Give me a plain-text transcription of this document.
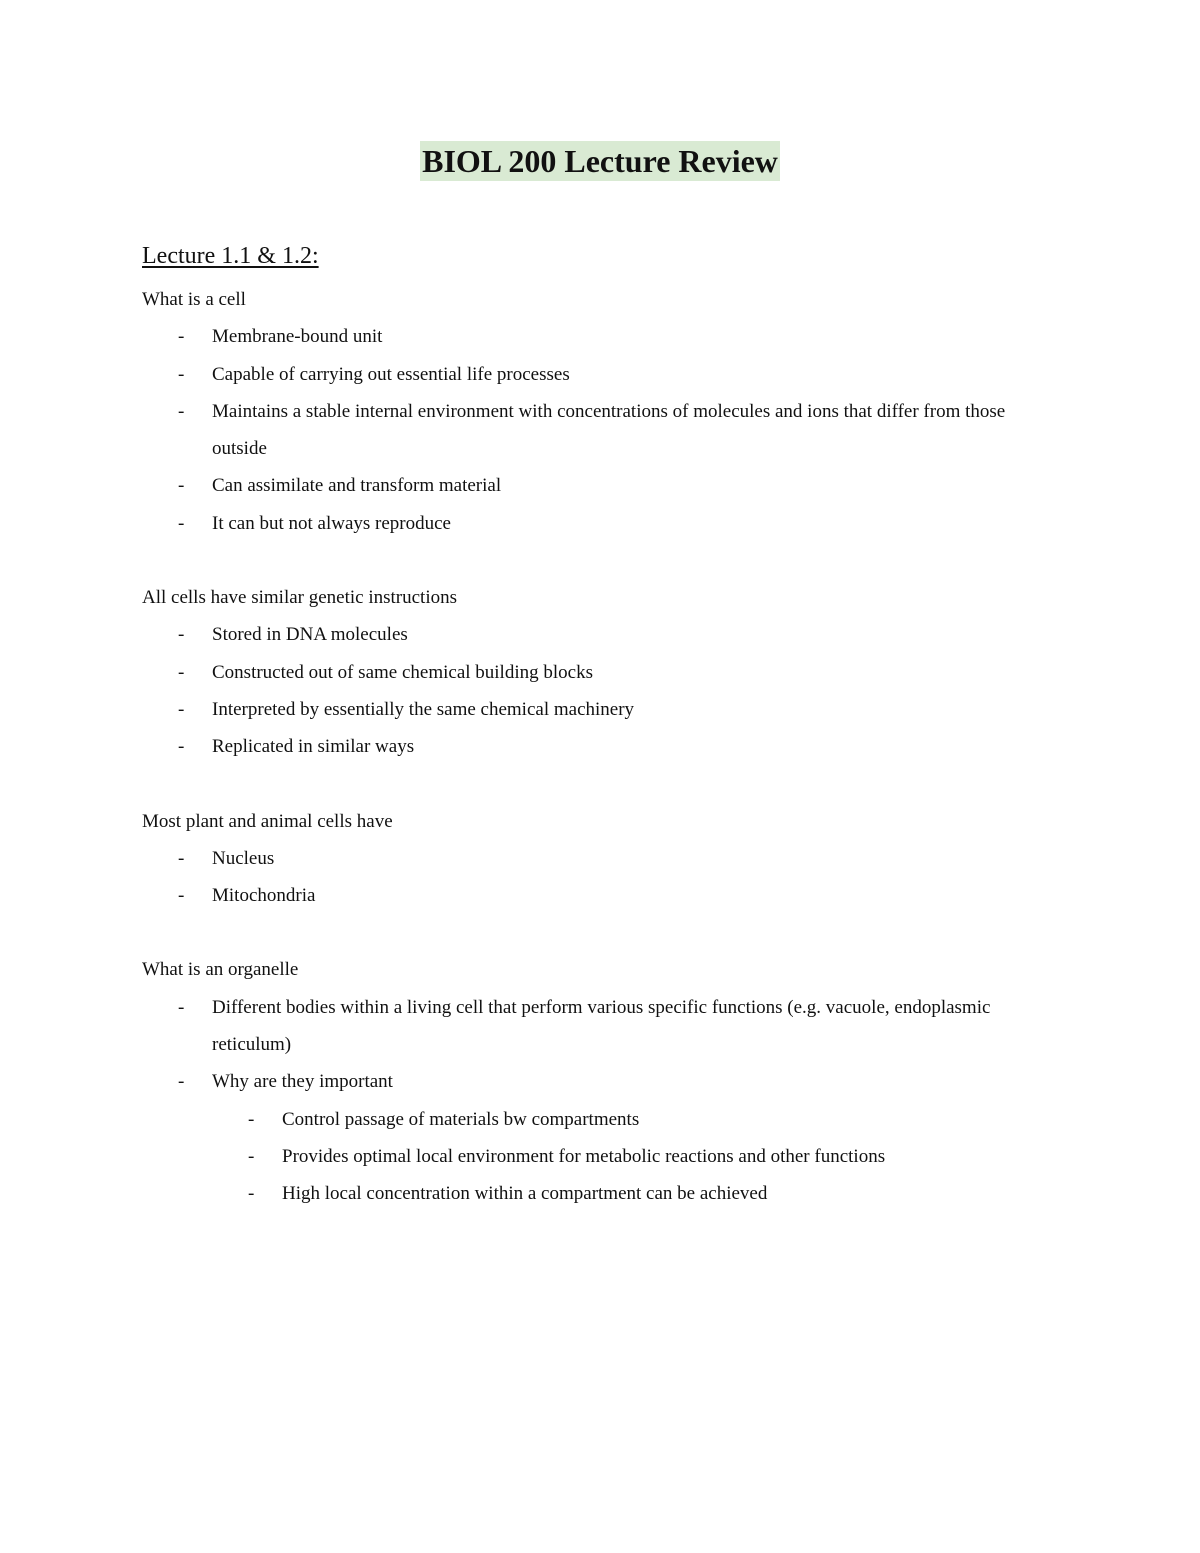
BIOL 200 Lecture Review
Lecture 1.1 & 1.2:

What is a cell

- Membrane-bound unit
- Capable of carrying out essential life processes
- Maintains a stable internal environment with concentrations of molecules and ions that differ from those outside
- Can assimilate and transform material
- It can but not always reproduce

All cells have similar genetic instructions

- Stored in DNA molecules
- Constructed out of same chemical building blocks
- Interpreted by essentially the same chemical machinery
- Replicated in similar ways

Most plant and animal cells have

- Nucleus
- Mitochondria

What is an organelle

- Different bodies within a living cell that perform various specific functions (e.g. vacuole, endoplasmic reticulum)
- Why are they important
- Control passage of materials bw compartments
- Provides optimal local environment for metabolic reactions and other functions
- High local concentration within a compartment can be achieved
